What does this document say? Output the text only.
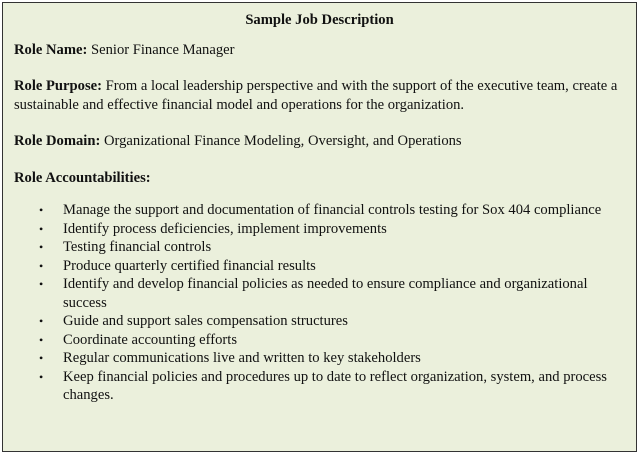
Sample Job Description
Role Name: Senior Finance Manager
Role Purpose: From a local leadership perspective and with the support of the executive team, create a sustainable and effective financial model and operations for the organization.
Role Domain: Organizational Finance Modeling, Oversight, and Operations
Role Accountabilities:
• Manage the support and documentation of financial controls testing for Sox 404 compliance
• Identify process deficiencies, implement improvements
• Testing financial controls
• Produce quarterly certified financial results
• Identify and develop financial policies as needed to ensure compliance and organizational success
• Guide and support sales compensation structures
• Coordinate accounting efforts
• Regular communications live and written to key stakeholders
• Keep financial policies and procedures up to date to reflect organization, system, and process changes.
